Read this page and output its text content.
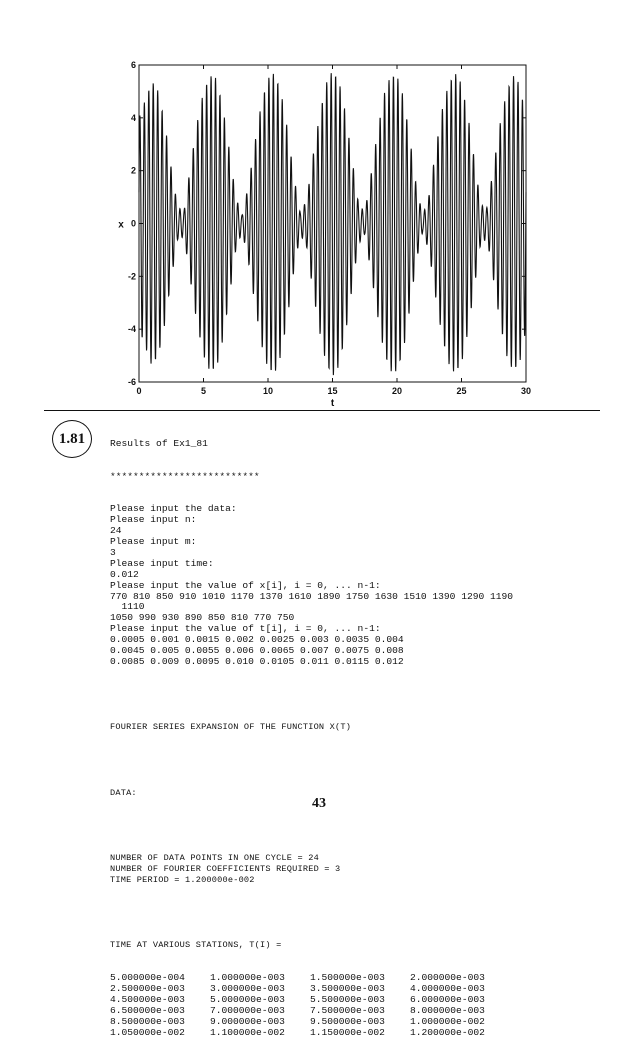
0	5	10	15	20	25	30
-6
-4
-2
0
2
4
6
t
x
1.81

	Results of Ex1_81

**************************

Please input the data:
Please input n:
24
Please input m:
3
Please input time:
0.012
Please input the value of x[i], i = 0, ... n-1:
770 810 850 910 1010 1170 1370 1610 1890 1750 1630 1510 1390 1290 1190
1110
1050 990 930 890 850 810 770 750
Please input the value of t[i], i = 0, ... n-1:
0.0005 0.001 0.0015 0.002 0.0025 0.003 0.0035 0.004
0.0045 0.005 0.0055 0.006 0.0065 0.007 0.0075 0.008
0.0085 0.009 0.0095 0.010 0.0105 0.011 0.0115 0.012

FOURIER SERIES EXPANSION OF THE FUNCTION X(T)

DATA:

NUMBER OF DATA POINTS IN ONE CYCLE = 24
NUMBER OF FOURIER COEFFICIENTS REQUIRED = 3
TIME PERIOD = 1.200000e-002

TIME AT VARIOUS STATIONS, T(I) =

5.000000e-004	1.000000e-003	1.500000e-003	2.000000e-003
2.500000e-003	3.000000e-003	3.500000e-003	4.000000e-003
4.500000e-003	5.000000e-003	5.500000e-003	6.000000e-003
6.500000e-003	7.000000e-003	7.500000e-003	8.000000e-003
8.500000e-003	9.000000e-003	9.500000e-003	1.000000e-002
1.050000e-002	1.100000e-002	1.150000e-002	1.200000e-002

43
